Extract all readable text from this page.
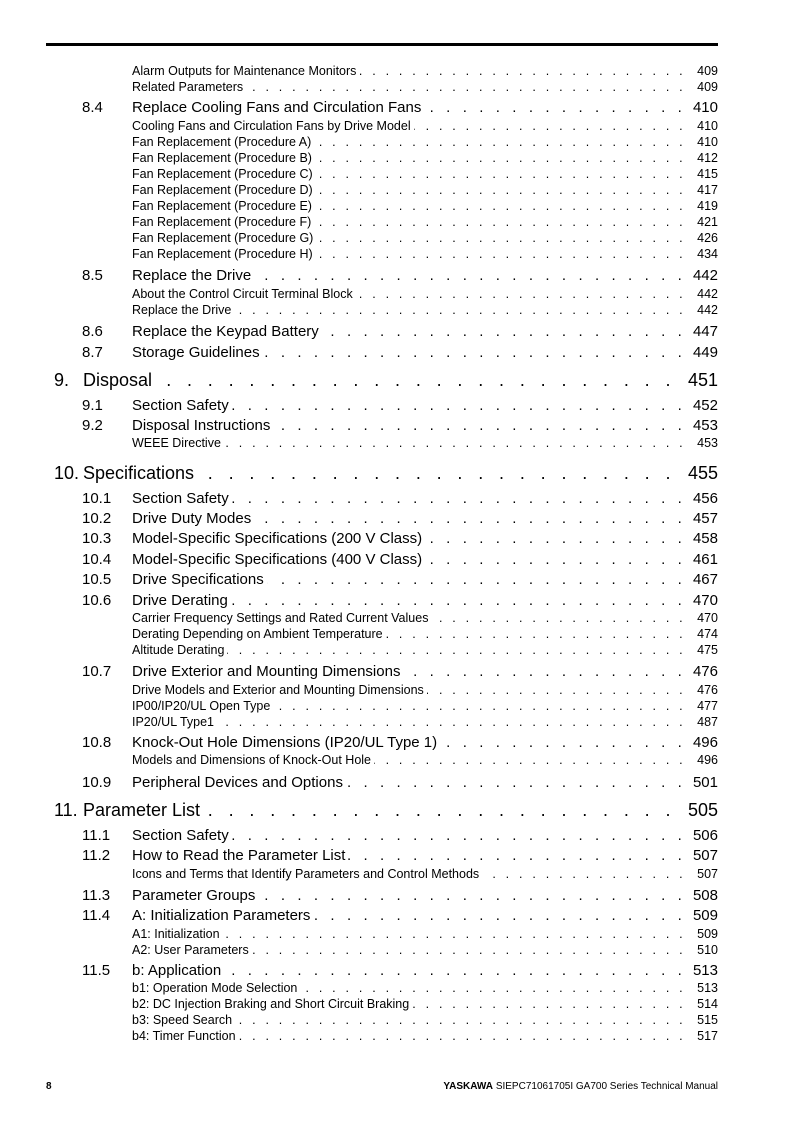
. . .
Alarm Outputs for Maintenance Monitors	409
. . .
Related Parameters	409
8.4 . . . Replace Cooling Fans and Circulation Fans	410
. . .
Cooling Fans and Circulation Fans by Drive Model	410
. . .
Fan Replacement (Procedure A)	410
. . .
Fan Replacement (Procedure B)	412
. . .
Fan Replacement (Procedure C)	415
. . .
Fan Replacement (Procedure D)	417
. . .
Fan Replacement (Procedure E)	419
. . .
Fan Replacement (Procedure F)	421
. . .
Fan Replacement (Procedure G)	426
. . .
Fan Replacement (Procedure H)	434
8.5 . . . Replace the Drive	442
. . .
About the Control Circuit Terminal Block	442
. . .
Replace the Drive	442
8.6 . . . Replace the Keypad Battery	447
8.7 . . . Storage Guidelines	449
9. . . . Disposal	451
9.1 . . . Section Safety	452
9.2 . . . Disposal Instructions	453
. . .
WEEE Directive	453
10. . . . Specifications	455
10.1 . . . Section Safety	456
10.2 . . . Drive Duty Modes	457
10.3 . . . Model-Specific Specifications (200 V Class)	458
10.4 . . . Model-Specific Specifications (400 V Class)	461
10.5 . . . Drive Specifications	467
10.6 . . . Drive Derating	470
. . .
Carrier Frequency Settings and Rated Current Values	470
. . .
Derating Depending on Ambient Temperature	474
. . .
Altitude Derating	475
10.7 . . . Drive Exterior and Mounting Dimensions	476
. . .
Drive Models and Exterior and Mounting Dimensions	476
. . .
IP00/IP20/UL Open Type	477
. . .
IP20/UL Type1	487
10.8 . . . Knock-Out Hole Dimensions (IP20/UL Type 1)	496
. . .
Models and Dimensions of Knock-Out Hole	496
10.9 . . . Peripheral Devices and Options	501
11. . . . Parameter List	505
11.1 . . . Section Safety	506
11.2 . . . How to Read the Parameter List	507
. . .
Icons and Terms that Identify Parameters and Control Methods	507
11.3 . . . Parameter Groups	508
11.4 . . . A: Initialization Parameters	509
. . .
A1: Initialization	509
. . .
A2: User Parameters	510
11.5 . . . b: Application	513
. . .
b1: Operation Mode Selection	513
. . .
b2: DC Injection Braking and Short Circuit Braking	514
. . .
b3: Speed Search	515
. . .
b4: Timer Function	517
8	YASKAWA SIEPC71061705I GA700 Series Technical Manual
